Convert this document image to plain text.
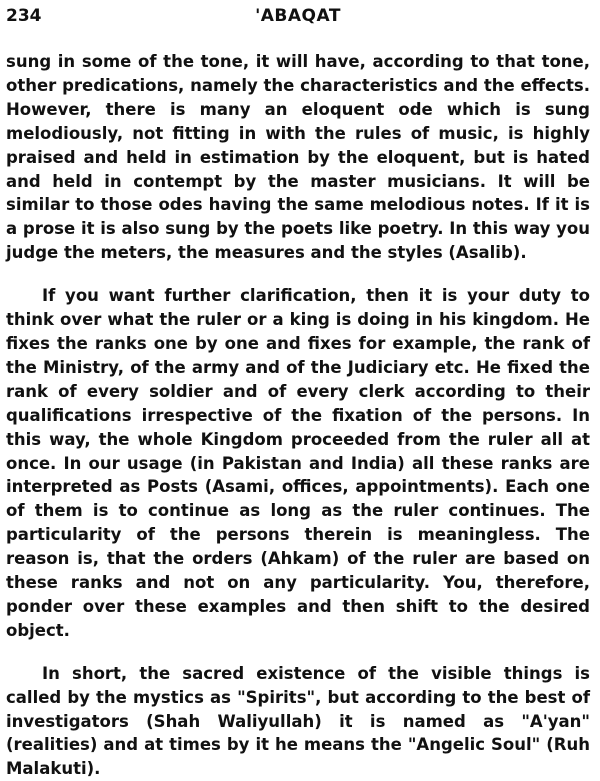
234	'ABAQAT

sung in some of the tone, it will have, according to that tone, other predications, namely the characteristics and the effects. However, there is many an eloquent ode which is sung melodiously, not fitting in with the rules of music, is highly praised and held in estimation by the eloquent, but is hated and held in contempt by the master musicians. It will be similar to those odes having the same melodious notes. If it is a prose it is also sung by the poets like poetry. In this way you judge the meters, the measures and the styles (Asalib).

If you want further clarification, then it is your duty to think over what the ruler or a king is doing in his kingdom. He fixes the ranks one by one and fixes for example, the rank of the Ministry, of the army and of the Judiciary etc. He fixed the rank of every soldier and of every clerk according to their qualifications irrespective of the fixation of the persons. In this way, the whole Kingdom proceeded from the ruler all at once. In our usage (in Pakistan and India) all these ranks are interpreted as Posts (Asami, offices, appointments). Each one of them is to continue as long as the ruler continues. The particularity of the persons therein is meaningless. The reason is, that the orders (Ahkam) of the ruler are based on these ranks and not on any particularity. You, therefore, ponder over these examples and then shift to the desired object.

In short, the sacred existence of the visible things is called by the mystics as "Spirits", but according to the best of investigators (Shah Waliyullah) it is named as "A'yan" (realities) and at times by it he means the "Angelic Soul" (Ruh Malakuti).
